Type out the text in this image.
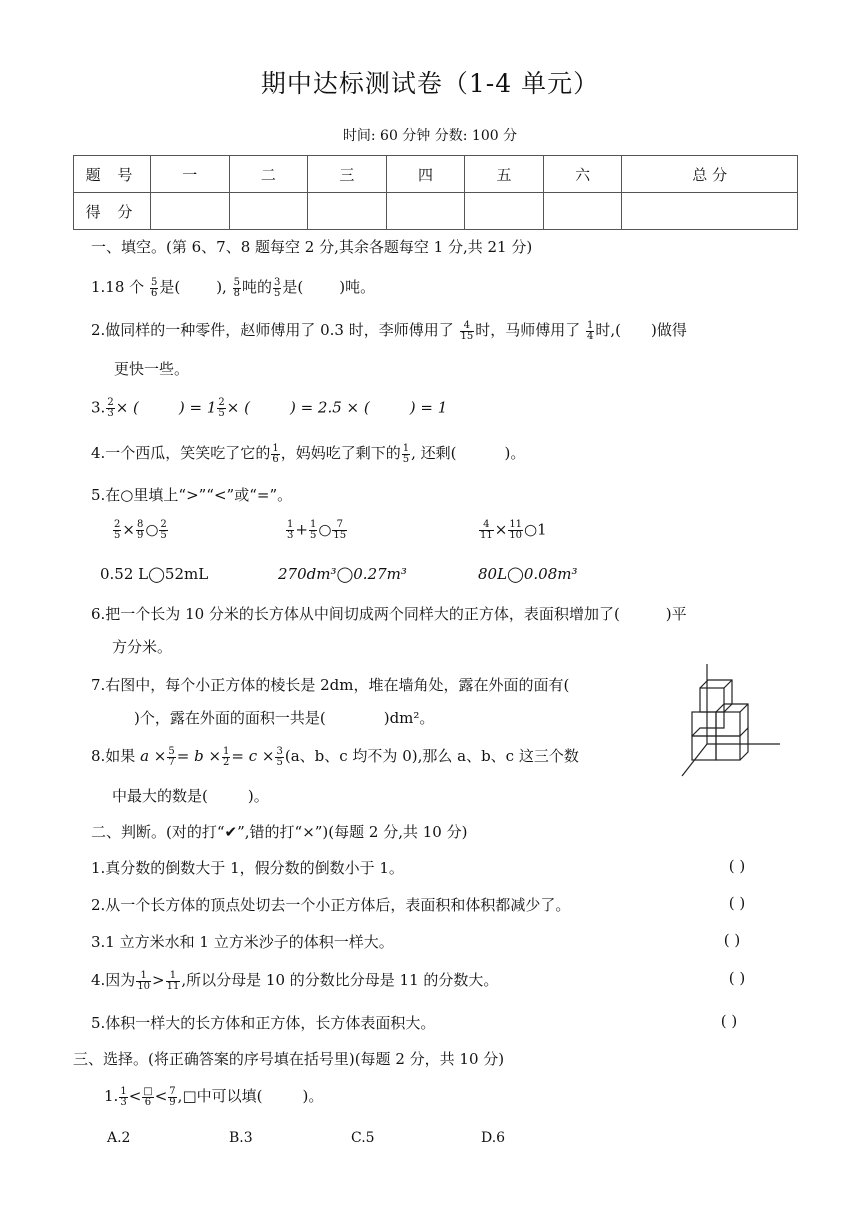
期中达标测试卷（1-4 单元）
时间: 60 分钟 分数: 100 分
题 号	一	二	三	四	五	六	总 分
得 分							
一、填空。(第 6、7、8 题每空 2 分,其余各题每空 1 分,共 21 分)
1.18 个 $\frac{5}{6}$ 是( ), $\frac{5}{8}$ 吨的 $\frac{3}{5}$ 是( )吨。
2.做同样的一种零件，赵师傅用了 0.3 时，李师傅用了 $\frac{4}{15}$ 时，马师傅用了 $\frac{1}{4}$ 时,( )做得
更快一些。
3. $\frac{2}{3}$ × (	) = $1 \frac{2}{5}$ × (	) = 2.5 × (	) = 1
4.一个西瓜，笑笑吃了它的 $\frac{1}{6}$ ，妈妈吃了剩下的 $\frac{1}{5}$ , 还剩(	)。
5.在○里填上“>”“<”或“=”。
$\frac{2}{5} \times \frac{8}{9}$ ○ $\frac{2}{5}$	$\frac{1}{3} + \frac{1}{5}$ ○ $\frac{7}{15}$	$\frac{4}{11} \times \frac{11}{10}$ ○1
0.52 L◯52mL	270dm³◯0.27m³	80L◯0.08m³
6.把一个长为 10 分米的长方体从中间切成两个同样大的正方体，表面积增加了(	)平
方分米。
7.右图中，每个小正方体的棱长是 2dm，堆在墙角处，露在外面的面有(
)个，露在外面的面积一共是(	)dm²。
8.如果 $a \times \frac{5}{7} = b \times \frac{1}{2} = c \times \frac{3}{5} (a$、b、c 均不为 0),那么 a、b、c 这三个数
中最大的数是(	)。
二、判断。(对的打“✔”,错的打“×”)(每题 2 分,共 10 分)
1.真分数的倒数大于 1，假分数的倒数小于 1。	( )
2.从一个长方体的顶点处切去一个小正方体后，表面积和体积都减少了。	( )
3.1 立方米水和 1 立方米沙子的体积一样大。	( )
4.因为 $\frac{1}{10} > \frac{1}{11}$ ,所以分母是 10 的分数比分母是 11 的分数大。	( )
5.体积一样大的长方体和正方体，长方体表面积大。	( )
三、选择。(将正确答案的序号填在括号里)(每题 2 分，共 10 分)
1. $\frac{1}{3} < \frac{□}{6} < \frac{7}{9}$ ,□中可以填(	)。
A.2	B.3	C.5	D.6
